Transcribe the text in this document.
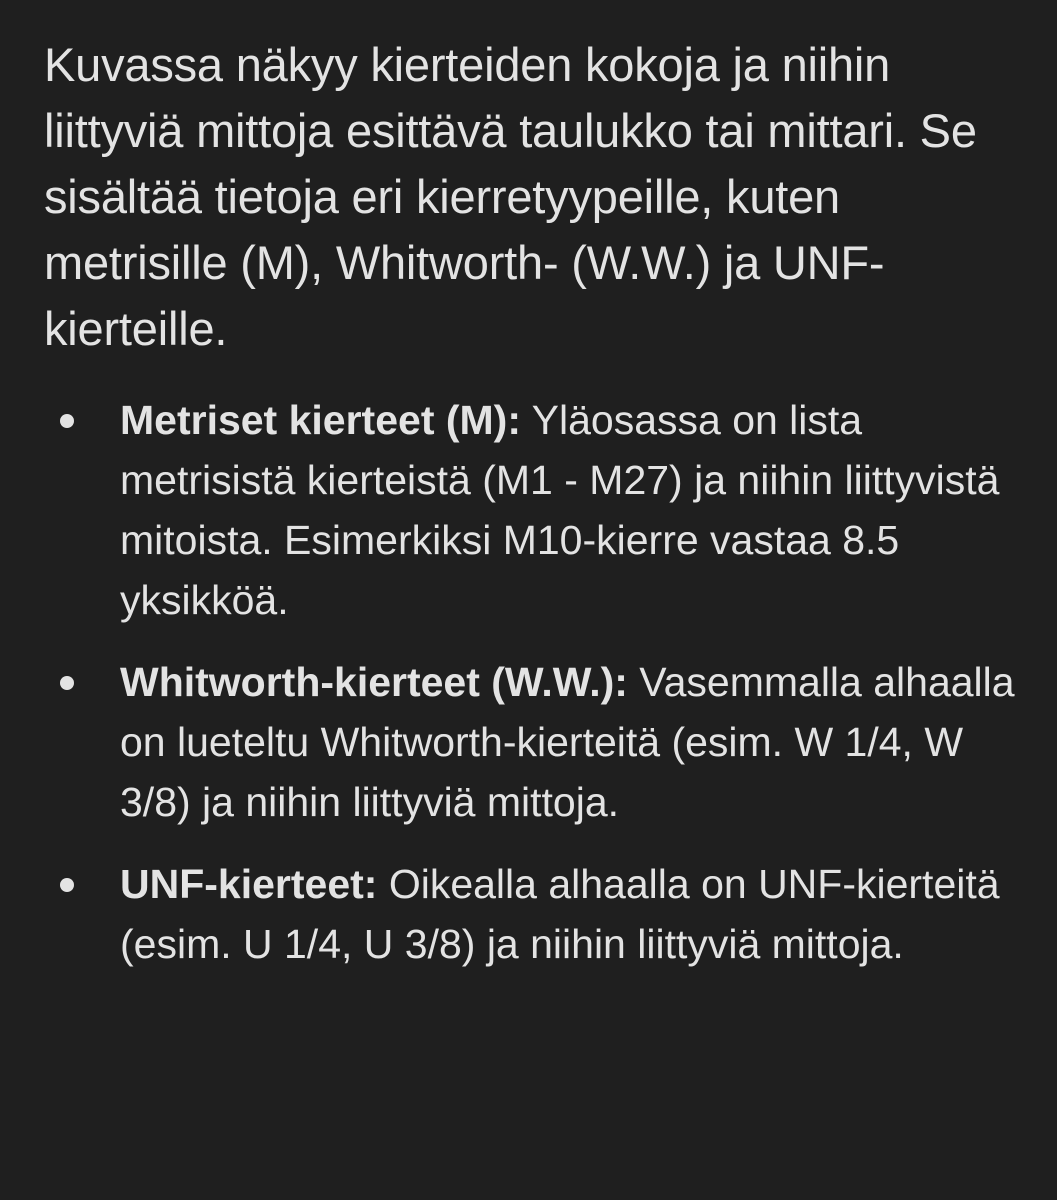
Kuvassa näkyy kierteiden kokoja ja niihin liittyviä mittoja esittävä taulukko tai mittari. Se sisältää tietoja eri kierretyypeille, kuten metrisille (M), Whitworth- (W.W.) ja UNF-kierteille.

Metriset kierteet (M): Yläosassa on lista metrisistä kierteistä (M1 - M27) ja niihin liittyvistä mitoista. Esimerkiksi M10-kierre vastaa 8.5 yksikköä.
Whitworth-kierteet (W.W.): Vasemmalla alhaalla on lueteltu Whitworth-kierteitä (esim. W 1/4, W 3/8) ja niihin liittyviä mittoja.
UNF-kierteet: Oikealla alhaalla on UNF-kierteitä (esim. U 1/4, U 3/8) ja niihin liittyviä mittoja.
